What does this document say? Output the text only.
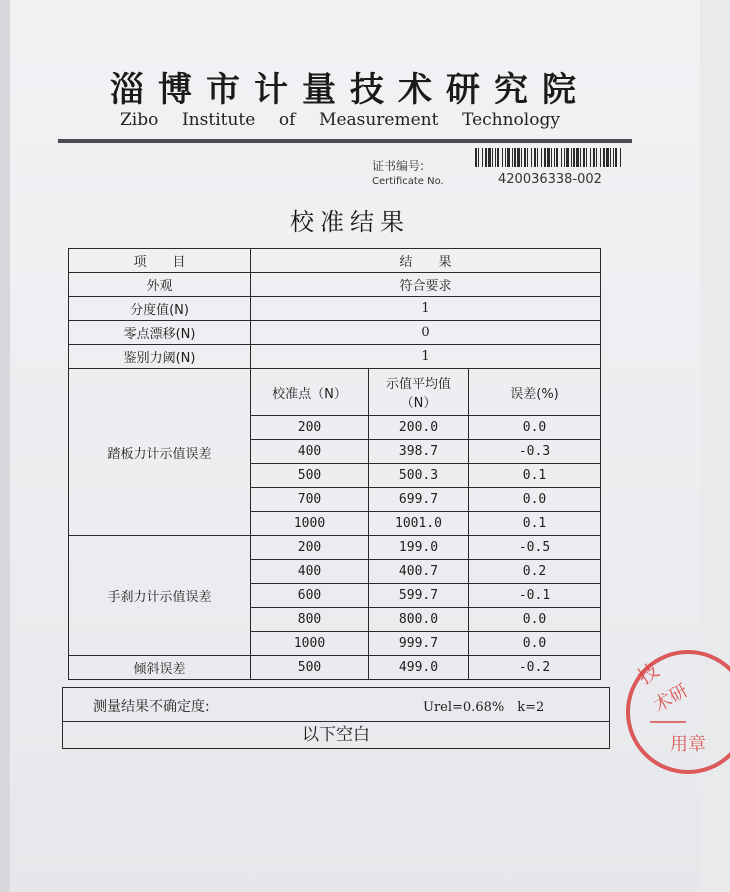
淄博市计量技术研究院
Zibo Institute of Measurement Technology
证书编号:
Certificate No.	420036338-002
校准结果
项　　目	结　　果		
外观	符合要求		
分度值(N)	1		
零点漂移(N)	0		
鉴别力阈(N)	1		
踏板力计示值误差	校准点（N）	示值平均值（N）	误差(%)
	200	200.0	0.0
	400	398.7	-0.3
	500	500.3	0.1
	700	699.7	0.0
	1000	1001.0	0.1
手刹力计示值误差	200	199.0	-0.5
	400	400.7	0.2
	600	599.7	-0.1
	800	800.0	0.0
	1000	999.7	0.0
倾斜误差	500	499.0	-0.2
测量结果不确定度:	Urel=0.68%　k=2
以下空白
技
术研
用章
